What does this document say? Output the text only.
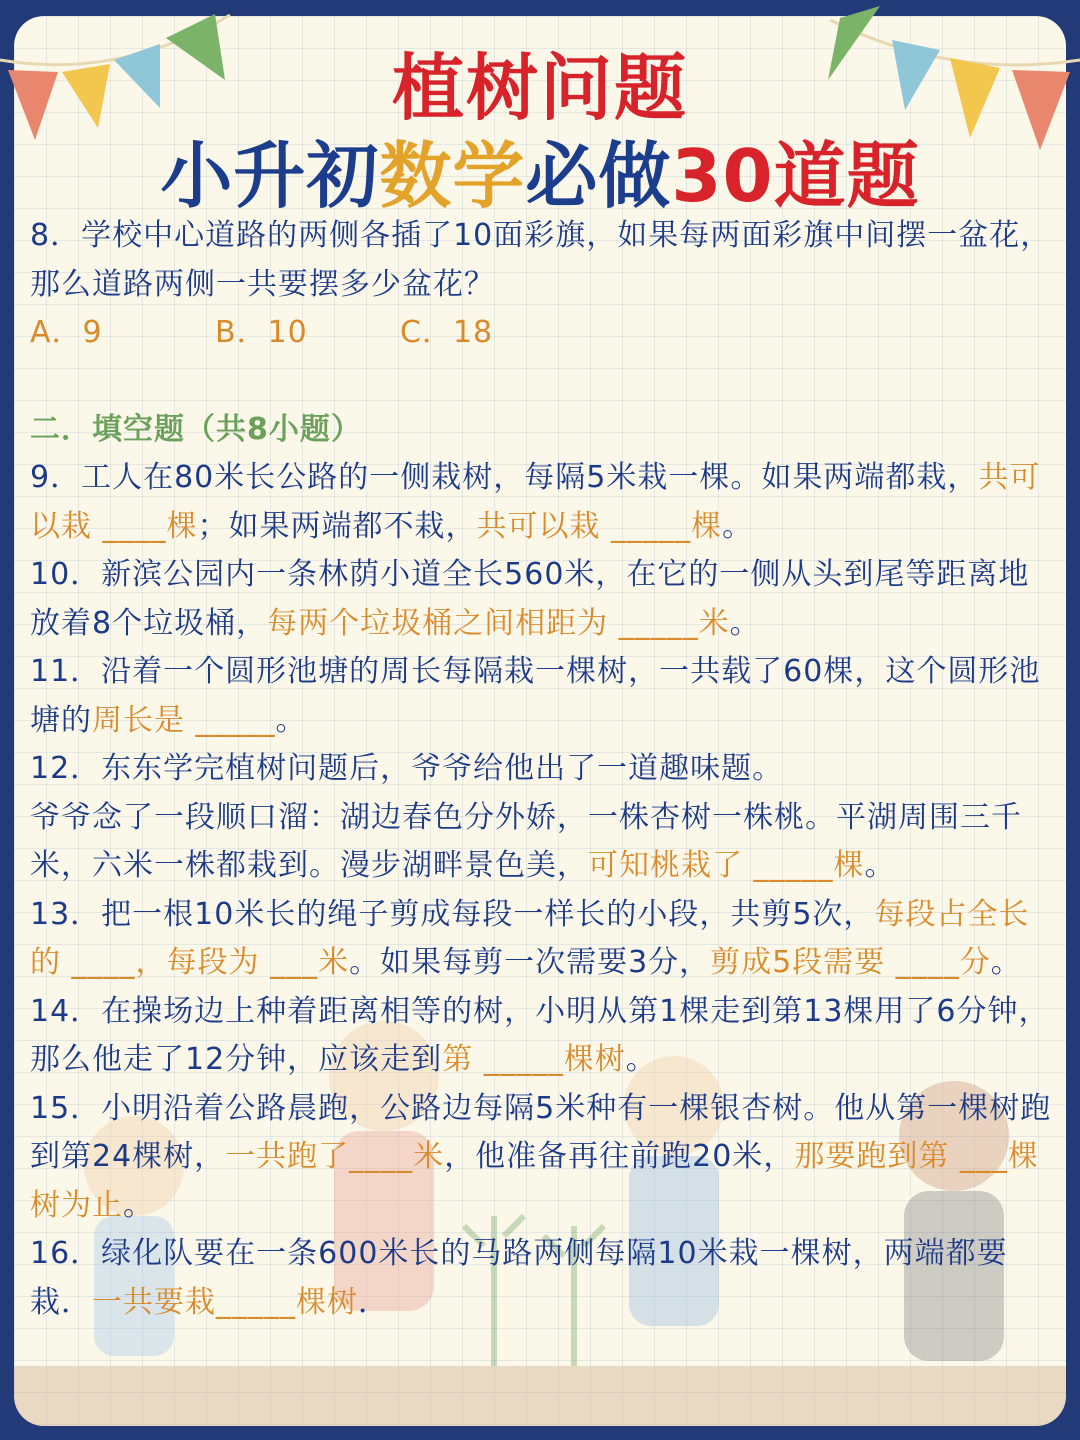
植树问题
小升初数学必做30道题

8．学校中心道路的两侧各插了10面彩旗，如果每两面彩旗中间摆一盆花，那么道路两侧一共要摆多少盆花？

A．9	B．10	C．18

二．填空题（共8小题）

9．工人在80米长公路的一侧栽树，每隔5米栽一棵。如果两端都栽，共可以栽 ____棵；如果两端都不栽，共可以栽 _____棵。

10．新滨公园内一条林荫小道全长560米，在它的一侧从头到尾等距离地放着8个垃圾桶，每两个垃圾桶之间相距为 _____米。

11．沿着一个圆形池塘的周长每隔栽一棵树，一共载了60棵，这个圆形池塘的周长是 _____。

12．东东学完植树问题后，爷爷给他出了一道趣味题。

爷爷念了一段顺口溜：湖边春色分外娇，一株杏树一株桃。平湖周围三千米，六米一株都栽到。漫步湖畔景色美，可知桃栽了 _____棵。

13．把一根10米长的绳子剪成每段一样长的小段，共剪5次，每段占全长的 ____，每段为 ___米。如果每剪一次需要3分，剪成5段需要 ____分。

14．在操场边上种着距离相等的树，小明从第1棵走到第13棵用了6分钟，那么他走了12分钟，应该走到第 _____棵树。

15．小明沿着公路晨跑，公路边每隔5米种有一棵银杏树。他从第一棵树跑到第24棵树，一共跑了____米，他准备再往前跑20米，那要跑到第 ___棵树为止。

16．绿化队要在一条600米长的马路两侧每隔10米栽一棵树，两端都要栽．一共要栽_____棵树．
